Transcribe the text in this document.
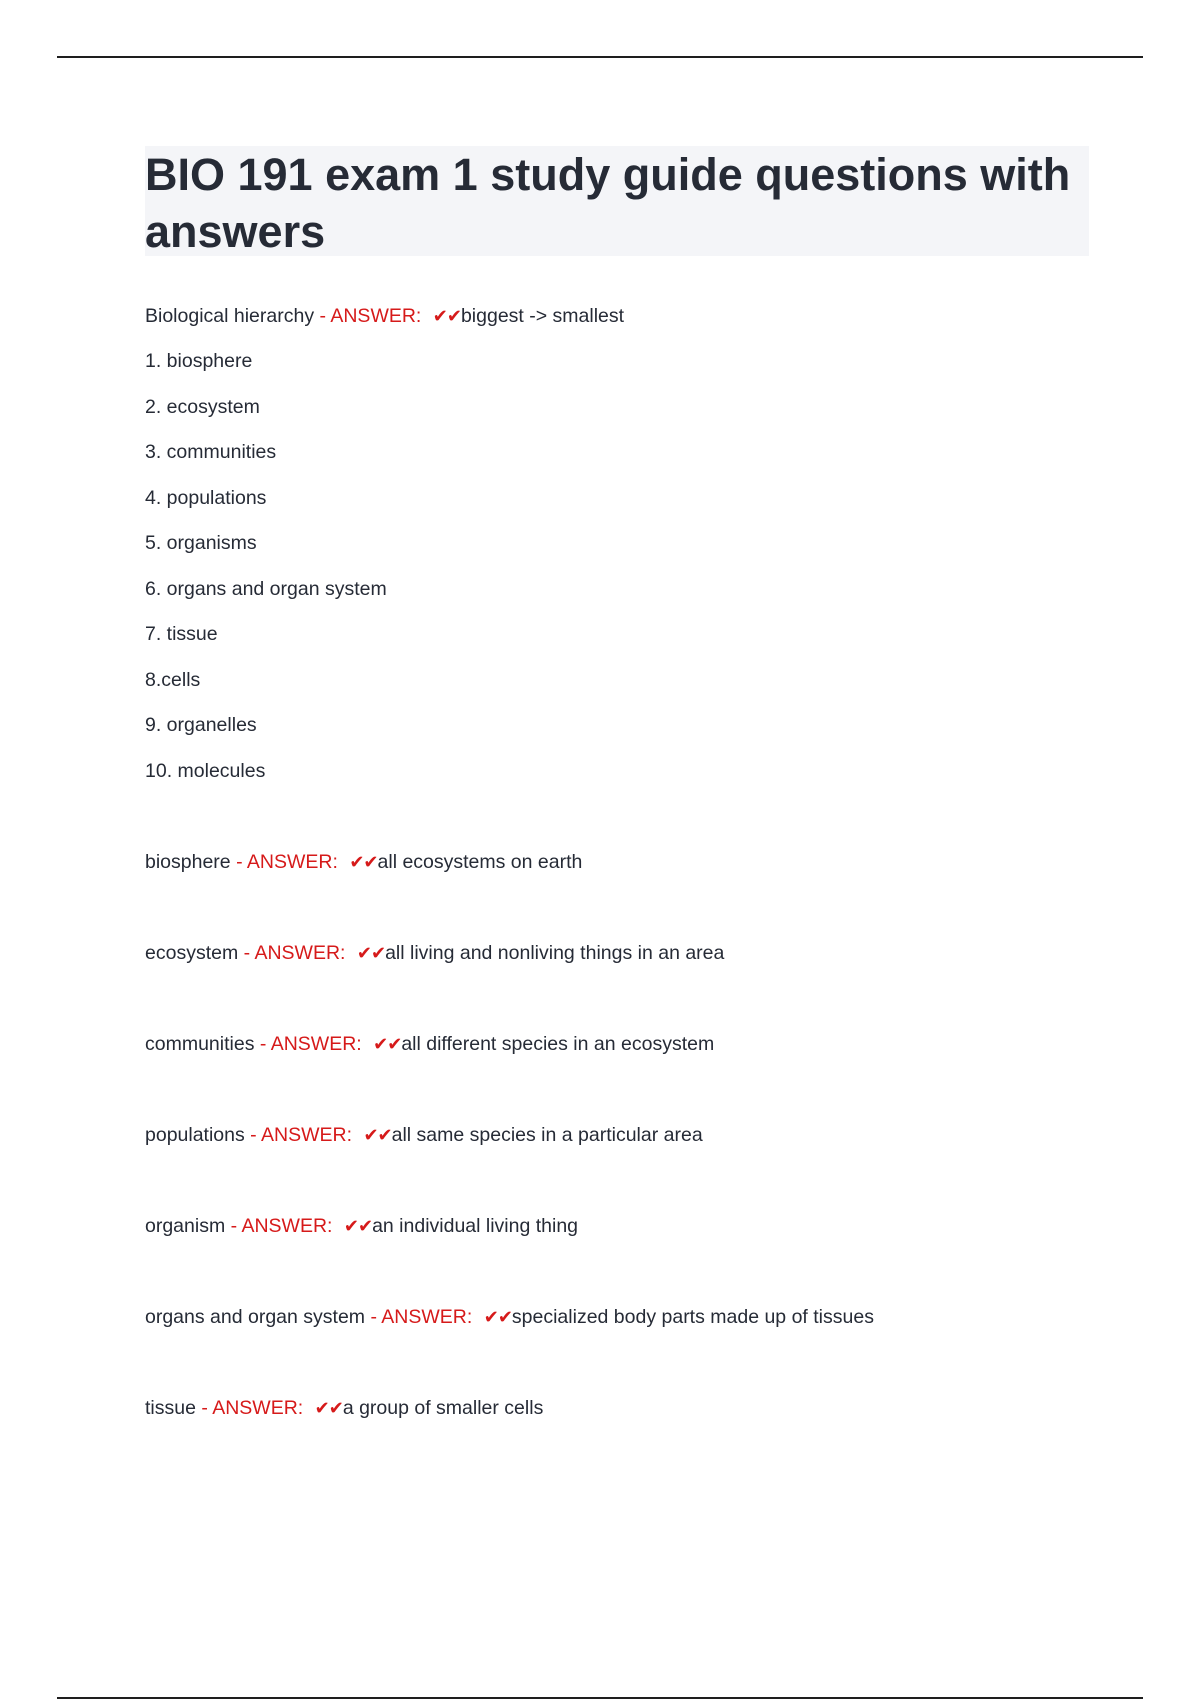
BIO 191 exam 1 study guide questions with answers
Biological hierarchy - ANSWER: ✔✔biggest -> smallest
1. biosphere
2. ecosystem
3. communities
4. populations
5. organisms
6. organs and organ system
7. tissue
8.cells
9. organelles
10. molecules
biosphere - ANSWER: ✔✔all ecosystems on earth
ecosystem - ANSWER: ✔✔all living and nonliving things in an area
communities - ANSWER: ✔✔all different species in an ecosystem
populations - ANSWER: ✔✔all same species in a particular area
organism - ANSWER: ✔✔an individual living thing
organs and organ system - ANSWER: ✔✔specialized body parts made up of tissues
tissue - ANSWER: ✔✔a group of smaller cells
